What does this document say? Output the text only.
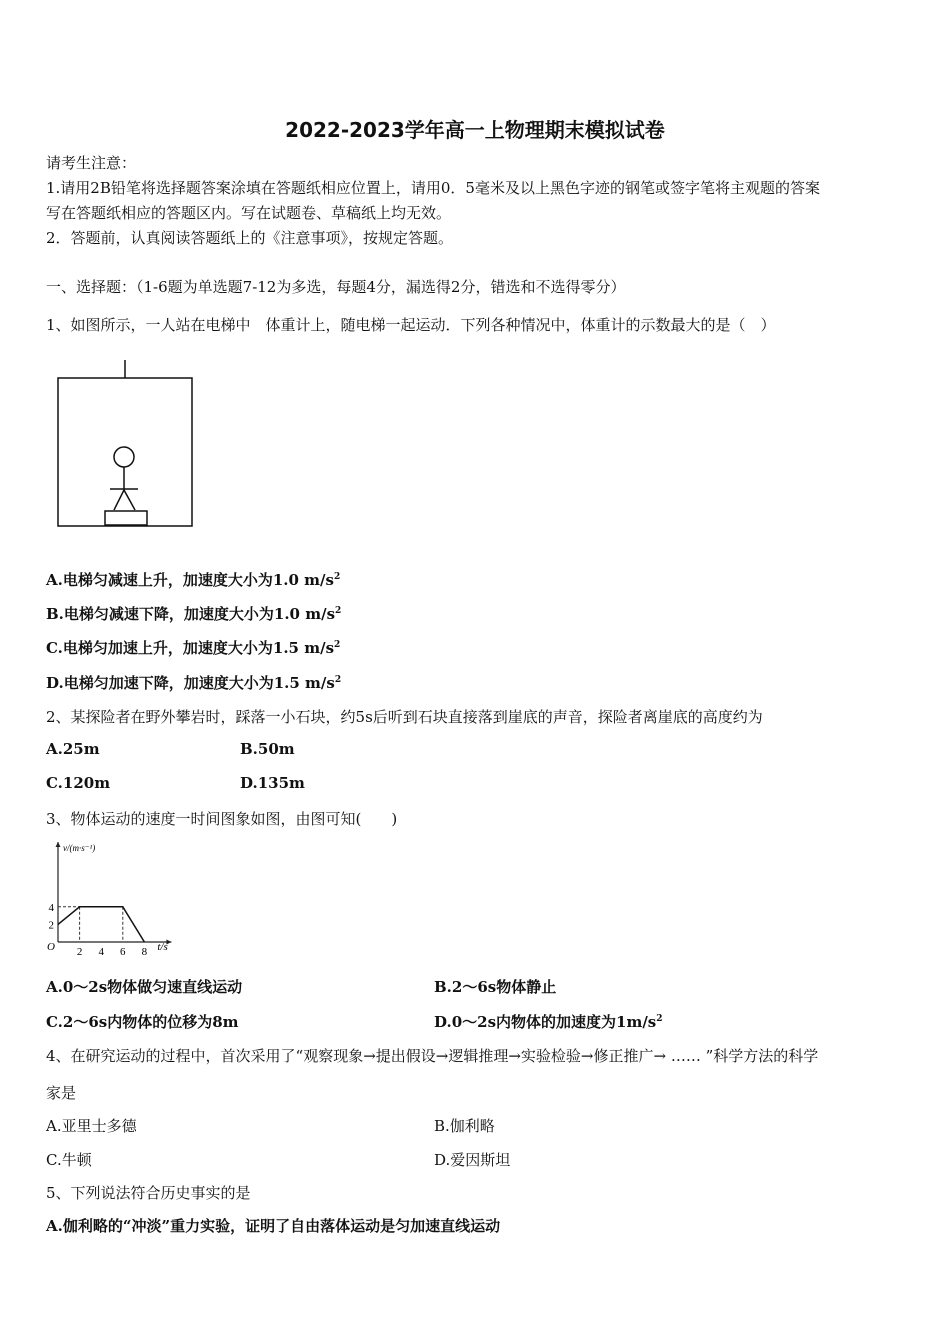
2022-2023学年高一上物理期末模拟试卷
请考生注意：
1.请用2B铅笔将选择题答案涂填在答题纸相应位置上，请用0．5毫米及以上黑色字迹的钢笔或签字笔将主观题的答案
写在答题纸相应的答题区内。写在试题卷、草稿纸上均无效。
2．答题前，认真阅读答题纸上的《注意事项》，按规定答题。
一、选择题：（1-6题为单选题7-12为多选，每题4分，漏选得2分，错选和不选得零分）
1、如图所示，一人站在电梯中　体重计上，随电梯一起运动．下列各种情况中，体重计的示数最大的是（　）
A.电梯匀减速上升，加速度大小为1.0 $m/s^2$
B.电梯匀减速下降，加速度大小为1.0 $m/s^2$
C.电梯匀加速上升，加速度大小为1.5 $m/s^2$
D.电梯匀加速下降，加速度大小为1.5 $m/s^2$
2、某探险者在野外攀岩时，踩落一小石块，约5s后听到石块直接落到崖底的声音，探险者离崖底的高度约为
A.25m	B.50m
C.120m	D.135m
3、物体运动的速度一时间图象如图，由图可知(　　)
v/(m·s⁻¹)
t/s
O 2 4 6 8
2
4
A.0～2s物体做匀速直线运动	B.2～6s物体静止
C.2～6s内物体的位移为8m	D.0～2s内物体的加速度为$1m/s^2$
4、在研究运动的过程中，首次采用了“观察现象→提出假设→逻辑推理→实验检验→修正推广→ …… ”科学方法的科学
家是
A.亚里士多德	B.伽利略
C.牛顿	D.爱因斯坦
5、下列说法符合历史事实的是
A.伽利略的“冲淡”重力实验，证明了自由落体运动是匀加速直线运动
